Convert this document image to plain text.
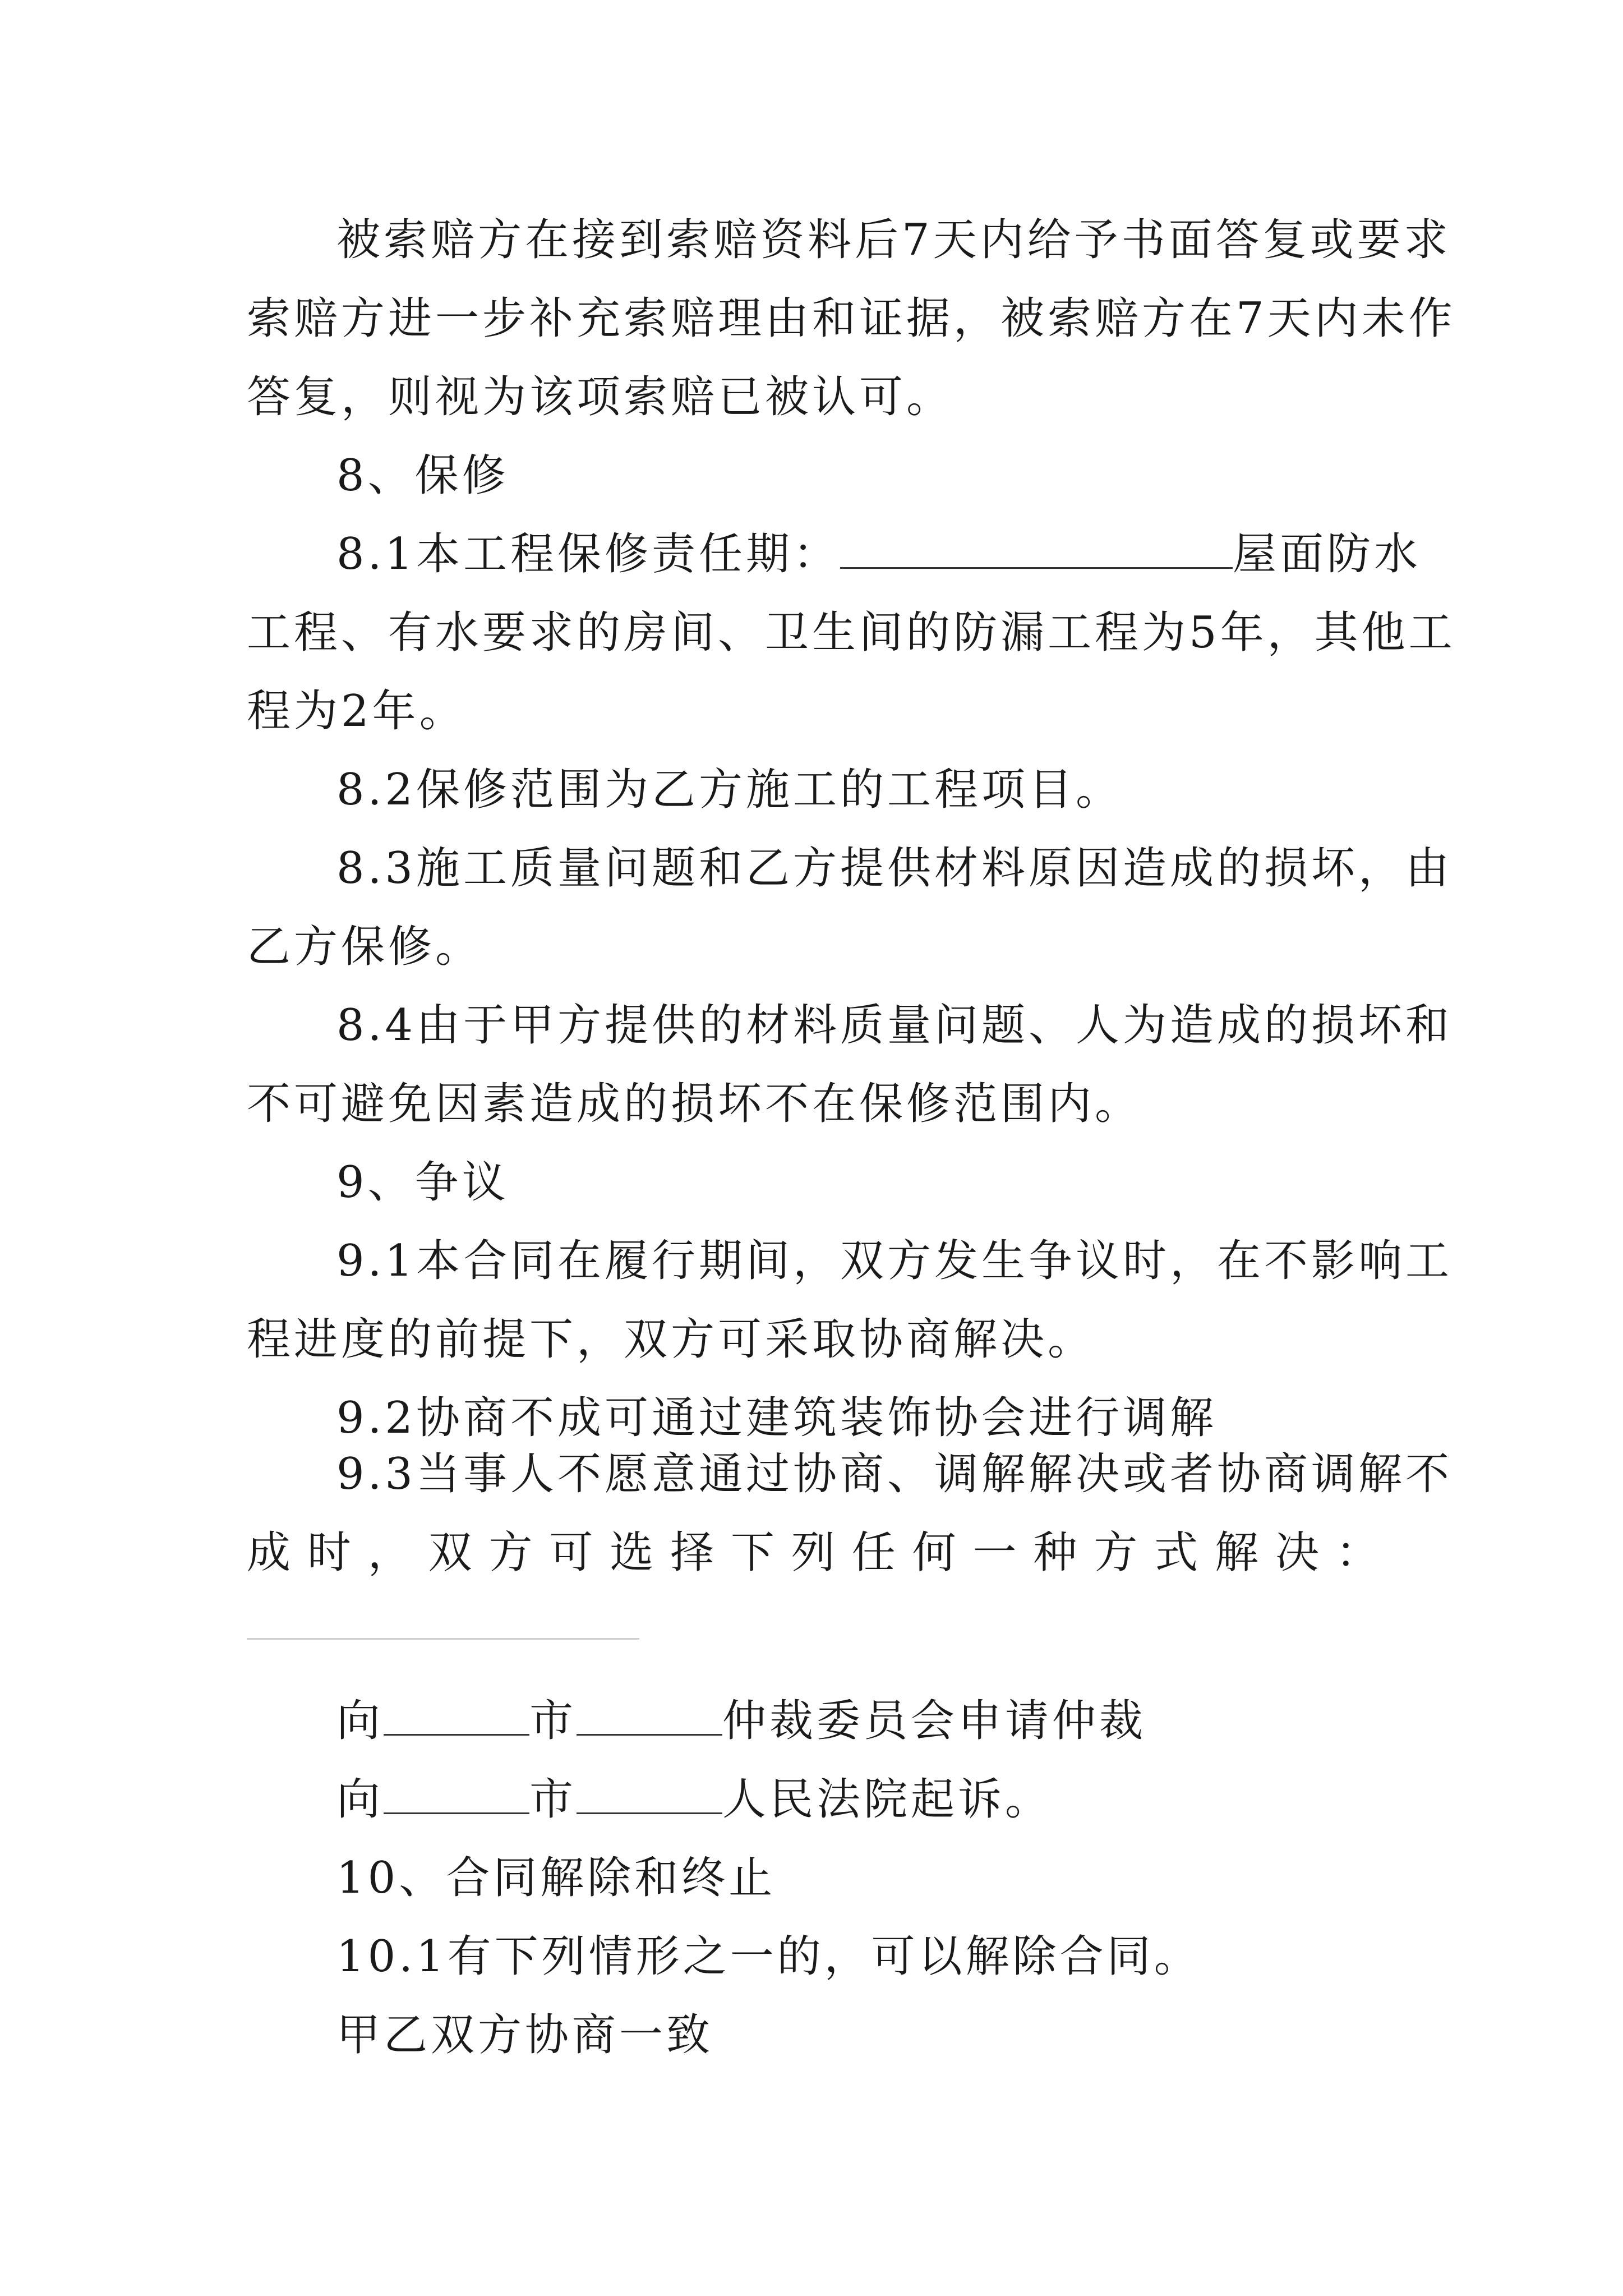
被索赔方在接到索赔资料后7天内给予书面答复或要求
索赔方进一步补充索赔理由和证据，被索赔方在7天内未作
答复，则视为该项索赔已被认可。
8、保修
8.1本工程保修责任期：	屋面防水
工程、有水要求的房间、卫生间的防漏工程为5年，其他工
程为2年。
8.2保修范围为乙方施工的工程项目。
8.3施工质量问题和乙方提供材料原因造成的损坏，由
乙方保修。
8.4由于甲方提供的材料质量问题、人为造成的损坏和
不可避免因素造成的损坏不在保修范围内。
9、争议
9.1本合同在履行期间，双方发生争议时，在不影响工
程进度的前提下，双方可采取协商解决。
9.2协商不成可通过建筑装饰协会进行调解
9.3当事人不愿意通过协商、调解解决或者协商调解不
成 时 ， 双 方 可 选 择 下 列 任 何 一 种 方 式 解 决 ：
向	市	仲裁委员会申请仲裁
向	市	人民法院起诉。
10、合同解除和终止
10.1有下列情形之一的，可以解除合同。
甲乙双方协商一致
